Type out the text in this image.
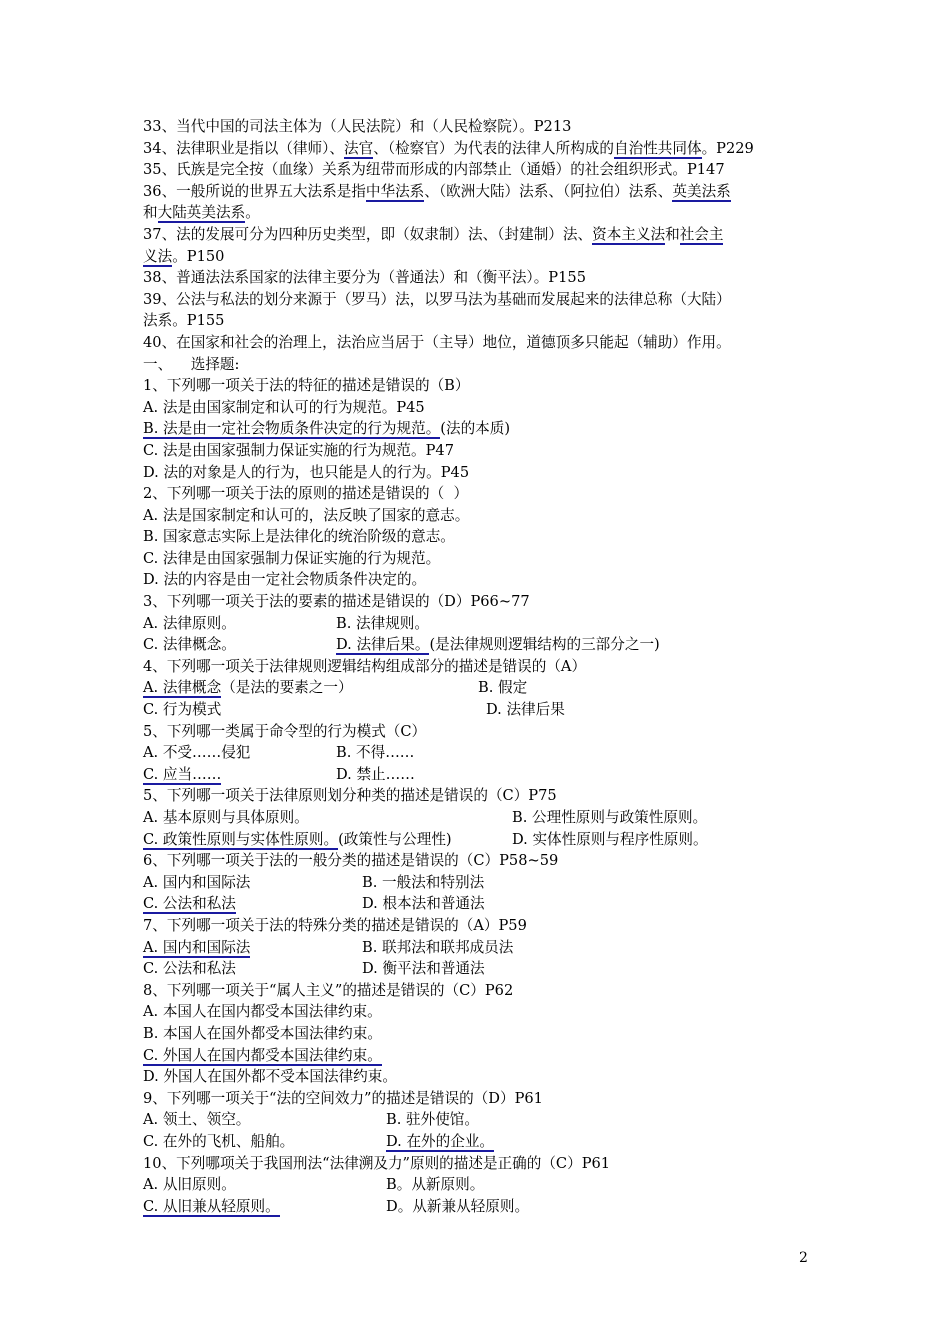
33、当代中国的司法主体为（人民法院）和（人民检察院）。P213
34、法律职业是指以（律师）、法官、（检察官）为代表的法律人所构成的自治性共同体。P229
35、氏族是完全按（血缘）关系为纽带而形成的内部禁止（通婚）的社会组织形式。P147
36、一般所说的世界五大法系是指中华法系、（欧洲大陆）法系、（阿拉伯）法系、英美法系
和大陆英美法系。
37、法的发展可分为四种历史类型，即（奴隶制）法、（封建制）法、资本主义法和社会主
义法。P150
38、普通法法系国家的法律主要分为（普通法）和（衡平法）。P155
39、公法与私法的划分来源于（罗马）法，以罗马法为基础而发展起来的法律总称（大陆）
法系。P155
40、在国家和社会的治理上，法治应当居于（主导）地位，道德顶多只能起（辅助）作用。
一、    选择题:
1、下列哪一项关于法的特征的描述是错误的（B）
A. 法是由国家制定和认可的行为规范。P45
B. 法是由一定社会物质条件决定的行为规范。(法的本质)
C. 法是由国家强制力保证实施的行为规范。P47
D. 法的对象是人的行为，也只能是人的行为。P45
2、下列哪一项关于法的原则的描述是错误的（  ）
A. 法是国家制定和认可的，法反映了国家的意志。
B. 国家意志实际上是法律化的统治阶级的意志。
C. 法律是由国家强制力保证实施的行为规范。
D. 法的内容是由一定社会物质条件决定的。
3、下列哪一项关于法的要素的描述是错误的（D）P66~77
A. 法律原则。	B. 法律规则。
C. 法律概念。	D. 法律后果。(是法律规则逻辑结构的三部分之一)
4、下列哪一项关于法律规则逻辑结构组成部分的描述是错误的（A）
A. 法律概念（是法的要素之一）	B. 假定
C. 行为模式	D. 法律后果
5、下列哪一类属于命令型的行为模式（C）
A. 不受……侵犯	B. 不得……
C. 应当……	D. 禁止……
5、下列哪一项关于法律原则划分种类的描述是错误的（C）P75
A. 基本原则与具体原则。	B. 公理性原则与政策性原则。
C. 政策性原则与实体性原则。(政策性与公理性)	D. 实体性原则与程序性原则。
6、下列哪一项关于法的一般分类的描述是错误的（C）P58~59
A. 国内和国际法	B. 一般法和特别法
C. 公法和私法	D. 根本法和普通法
7、下列哪一项关于法的特殊分类的描述是错误的（A）P59
A. 国内和国际法	B. 联邦法和联邦成员法
C. 公法和私法	D. 衡平法和普通法
8、下列哪一项关于“属人主义”的描述是错误的（C）P62
A. 本国人在国内都受本国法律约束。
B. 本国人在国外都受本国法律约束。
C. 外国人在国内都受本国法律约束。
D. 外国人在国外都不受本国法律约束。
9、下列哪一项关于“法的空间效力”的描述是错误的（D）P61
A. 领土、领空。	B. 驻外使馆。
C. 在外的飞机、船舶。	D. 在外的企业。
10、下列哪项关于我国刑法“法律溯及力”原则的描述是正确的（C）P61
A. 从旧原则。	B。从新原则。
C. 从旧兼从轻原则。	D。从新兼从轻原则。
2
